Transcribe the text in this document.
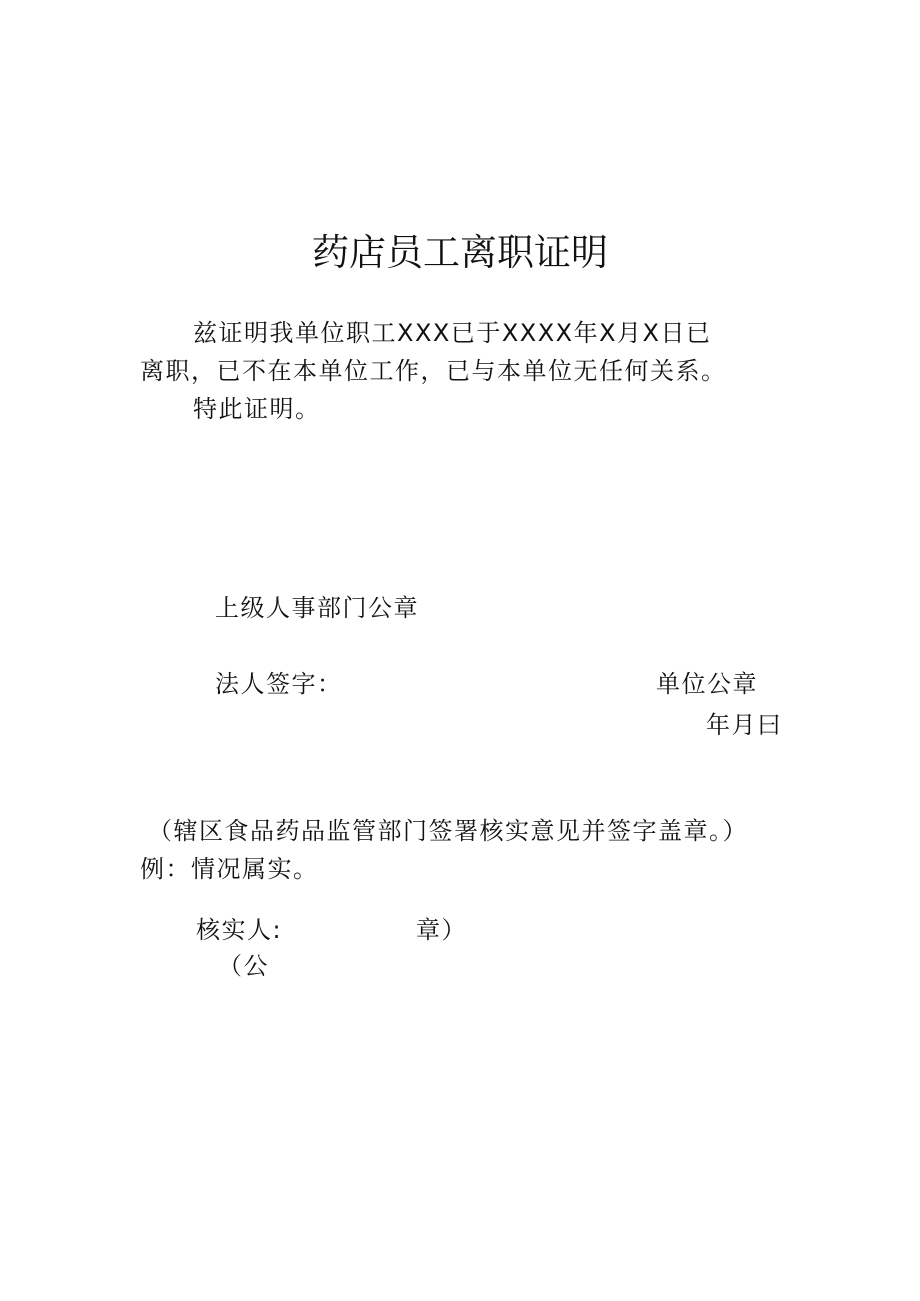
药店员工离职证明
兹证明我单位职工XXX已于XXXX年X月X日已
离职，已不在本单位工作，已与本单位无任何关系。
特此证明。
上级人事部门公章
法人签字：	单位公章
年月曰
（辖区食品药品监管部门签署核实意见并签字盖章。）
例：情况属实。
核实人:	章）
（公
